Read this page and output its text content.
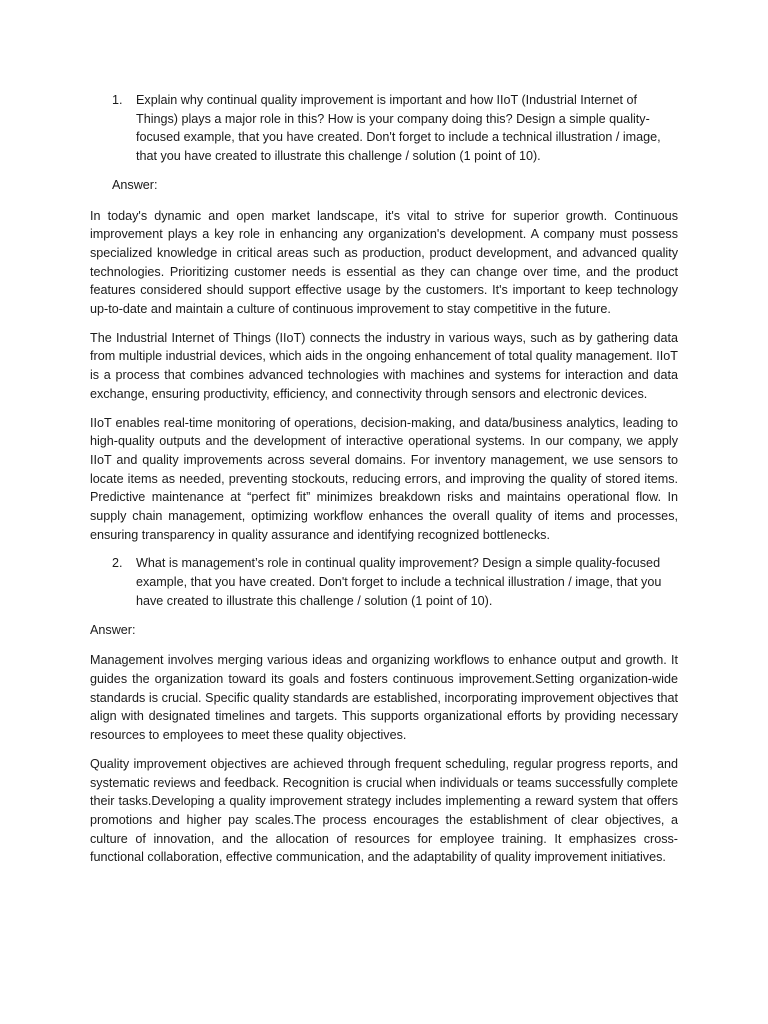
1.	Explain why continual quality improvement is important and how IIoT (Industrial Internet of Things) plays a major role in this? How is your company doing this? Design a simple quality-focused example, that you have created. Don't forget to include a technical illustration / image, that you have created to illustrate this challenge / solution (1 point of 10).
Answer:

In today's dynamic and open market landscape, it's vital to strive for superior growth. Continuous improvement plays a key role in enhancing any organization's development. A company must possess specialized knowledge in critical areas such as production, product development, and advanced quality technologies. Prioritizing customer needs is essential as they can change over time, and the product features considered should support effective usage by the customers. It's important to keep technology up-to-date and maintain a culture of continuous improvement to stay competitive in the future.

The Industrial Internet of Things (IIoT) connects the industry in various ways, such as by gathering data from multiple industrial devices, which aids in the ongoing enhancement of total quality management. IIoT is a process that combines advanced technologies with machines and systems for interaction and data exchange, ensuring productivity, efficiency, and connectivity through sensors and electronic devices.

IIoT enables real-time monitoring of operations, decision-making, and data/business analytics, leading to high-quality outputs and the development of interactive operational systems. In our company, we apply IIoT and quality improvements across several domains. For inventory management, we use sensors to locate items as needed, preventing stockouts, reducing errors, and improving the quality of stored items. Predictive maintenance at “perfect fit” minimizes breakdown risks and maintains operational flow. In supply chain management, optimizing workflow enhances the overall quality of items and processes, ensuring transparency in quality assurance and identifying recognized bottlenecks.

2.	What is management’s role in continual quality improvement? Design a simple quality-focused example, that you have created. Don't forget to include a technical illustration / image, that you have created to illustrate this challenge / solution (1 point of 10).
Answer:

Management involves merging various ideas and organizing workflows to enhance output and growth. It guides the organization toward its goals and fosters continuous improvement.Setting organization-wide standards is crucial. Specific quality standards are established, incorporating improvement objectives that align with designated timelines and targets. This supports organizational efforts by providing necessary resources to employees to meet these quality objectives.

Quality improvement objectives are achieved through frequent scheduling, regular progress reports, and systematic reviews and feedback. Recognition is crucial when individuals or teams successfully complete their tasks.Developing a quality improvement strategy includes implementing a reward system that offers promotions and higher pay scales.The process encourages the establishment of clear objectives, a culture of innovation, and the allocation of resources for employee training. It emphasizes cross-functional collaboration, effective communication, and the adaptability of quality improvement initiatives.
